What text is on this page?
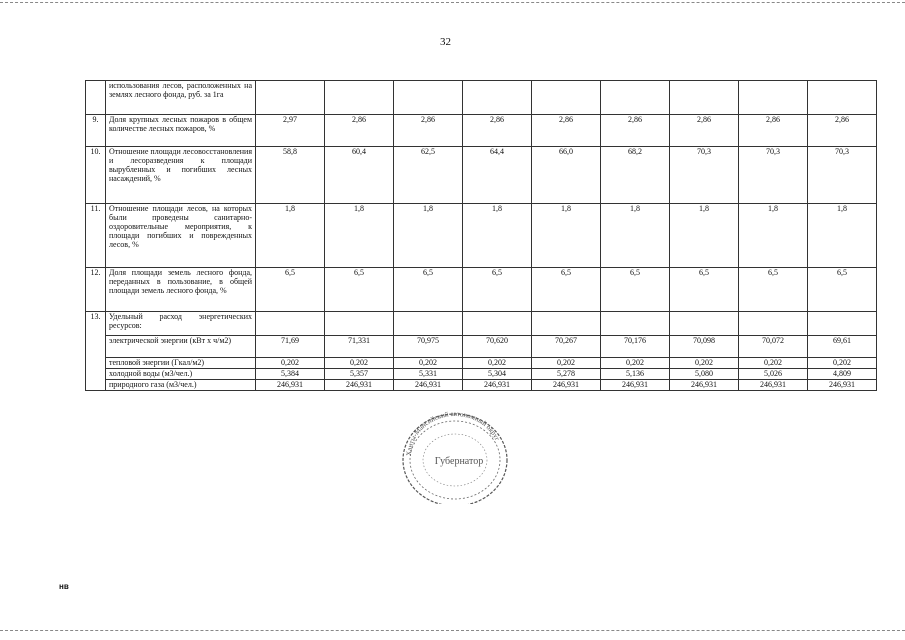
32
	использования лесов, расположенных на землях лесного фонда, руб. за 1га									
9.	Доля крупных лесных пожаров в общем количестве лесных пожаров, %	2,97	2,86	2,86	2,86	2,86	2,86	2,86	2,86	2,86
10.	Отношение площади лесовосстановления и лесоразведения к площади вырубленных и погибших лесных насаждений, %	58,8	60,4	62,5	64,4	66,0	68,2	70,3	70,3	70,3
11.	Отношение площади лесов, на которых были проведены санитарно-оздоровительные мероприятия, к площади погибших и поврежденных лесов, %	1,8	1,8	1,8	1,8	1,8	1,8	1,8	1,8	1,8
12.	Доля площади земель лесного фонда, переданных в пользование, в общей площади земель лесного фонда, %	6,5	6,5	6,5	6,5	6,5	6,5	6,5	6,5	6,5
13.	Удельный расход энергетических ресурсов:									
	электрической энергии (кВт х ч/м2)	71,69	71,331	70,975	70,620	70,267	70,176	70,098	70,072	69,61
	тепловой энергии (Гкал/м2)	0,202	0,202	0,202	0,202	0,202	0,202	0,202	0,202	0,202
	холодной воды (м3/чел.)	5,384	5,357	5,331	5,304	5,278	5,136	5,080	5,026	4,809
	природного газа (м3/чел.)	246,931	246,931	246,931	246,931	246,931	246,931	246,931	246,931	246,931
Ханты-Мансийский автономный округ
Губернатор
нв
